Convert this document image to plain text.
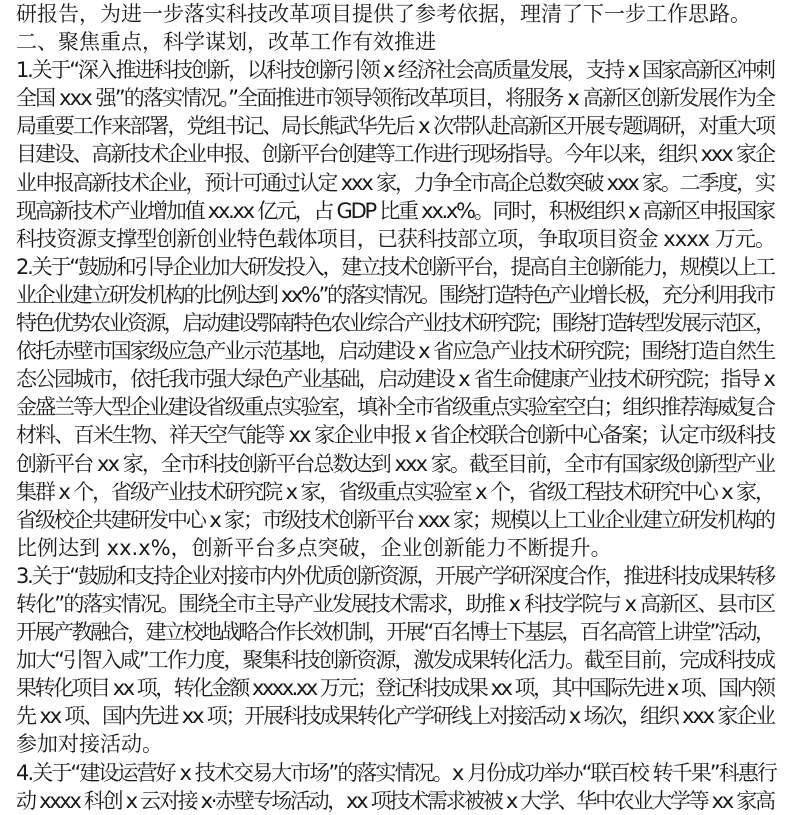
研报告，为进一步落实科技改革项目提供了参考依据，理清了下一步工作思路。
二、聚焦重点，科学谋划，改革工作有效推进
1.关于“深入推进科技创新，以科技创新引领 x 经济社会高质量发展，支持 x 国家高新区冲刺
全国 xxx 强”的落实情况。”全面推进市领导领衔改革项目，将服务 x 高新区创新发展作为全
局重要工作来部署，党组书记、局长熊武华先后 x 次带队赴高新区开展专题调研，对重大项
目建设、高新技术企业申报、创新平台创建等工作进行现场指导。今年以来，组织 xxx 家企
业申报高新技术企业，预计可通过认定 xxx 家，力争全市高企总数突破 xxx 家。二季度，实
现高新技术产业增加值 xx.xx 亿元，占 GDP 比重 xx.x%。同时，积极组织 x 高新区申报国家
科技资源支撑型创新创业特色载体项目，已获科技部立项，争取项目资金 xxxx 万元。
2.关于“鼓励和引导企业加大研发投入，建立技术创新平台，提高自主创新能力，规模以上工
业企业建立研发机构的比例达到 xx%”的落实情况。围绕打造特色产业增长极，充分利用我市
特色优势农业资源，启动建设鄂南特色农业综合产业技术研究院；围绕打造转型发展示范区，
依托赤壁市国家级应急产业示范基地，启动建设 x 省应急产业技术研究院；围绕打造自然生
态公园城市，依托我市强大绿色产业基础，启动建设 x 省生命健康产业技术研究院；指导 x
金盛兰等大型企业建设省级重点实验室，填补全市省级重点实验室空白；组织推荐海威复合
材料、百米生物、祥天空气能等 xx 家企业申报 x 省企校联合创新中心备案；认定市级科技
创新平台 xx 家，全市科技创新平台总数达到 xxx 家。截至目前，全市有国家级创新型产业
集群 x 个，省级产业技术研究院 x 家，省级重点实验室 x 个，省级工程技术研究中心 x 家，
省级校企共建研发中心 x 家；市级技术创新平台 xxx 家；规模以上工业企业建立研发机构的
比例达到 xx.x%，创新平台多点突破，企业创新能力不断提升。
3.关于“鼓励和支持企业对接市内外优质创新资源，开展产学研深度合作，推进科技成果转移
转化”的落实情况。围绕全市主导产业发展技术需求，助推 x 科技学院与 x 高新区、县市区
开展产教融合，建立校地战略合作长效机制，开展“百名博士下基层，百名高管上讲堂”活动，
加大“引智入咸”工作力度，聚集科技创新资源，激发成果转化活力。截至目前，完成科技成
果转化项目 xx 项，转化金额 xxxx.xx 万元；登记科技成果 xx 项，其中国际先进 x 项、国内领
先 xx 项、国内先进 xx 项；开展科技成果转化产学研线上对接活动 x 场次，组织 xxx 家企业
参加对接活动。
4.关于“建设运营好 x 技术交易大市场”的落实情况。x 月份成功举办“联百校 转千果”科惠行
动 xxxx 科创 x 云对接 x·赤壁专场活动，xx 项技术需求被被 x 大学、华中农业大学等 xx 家高
